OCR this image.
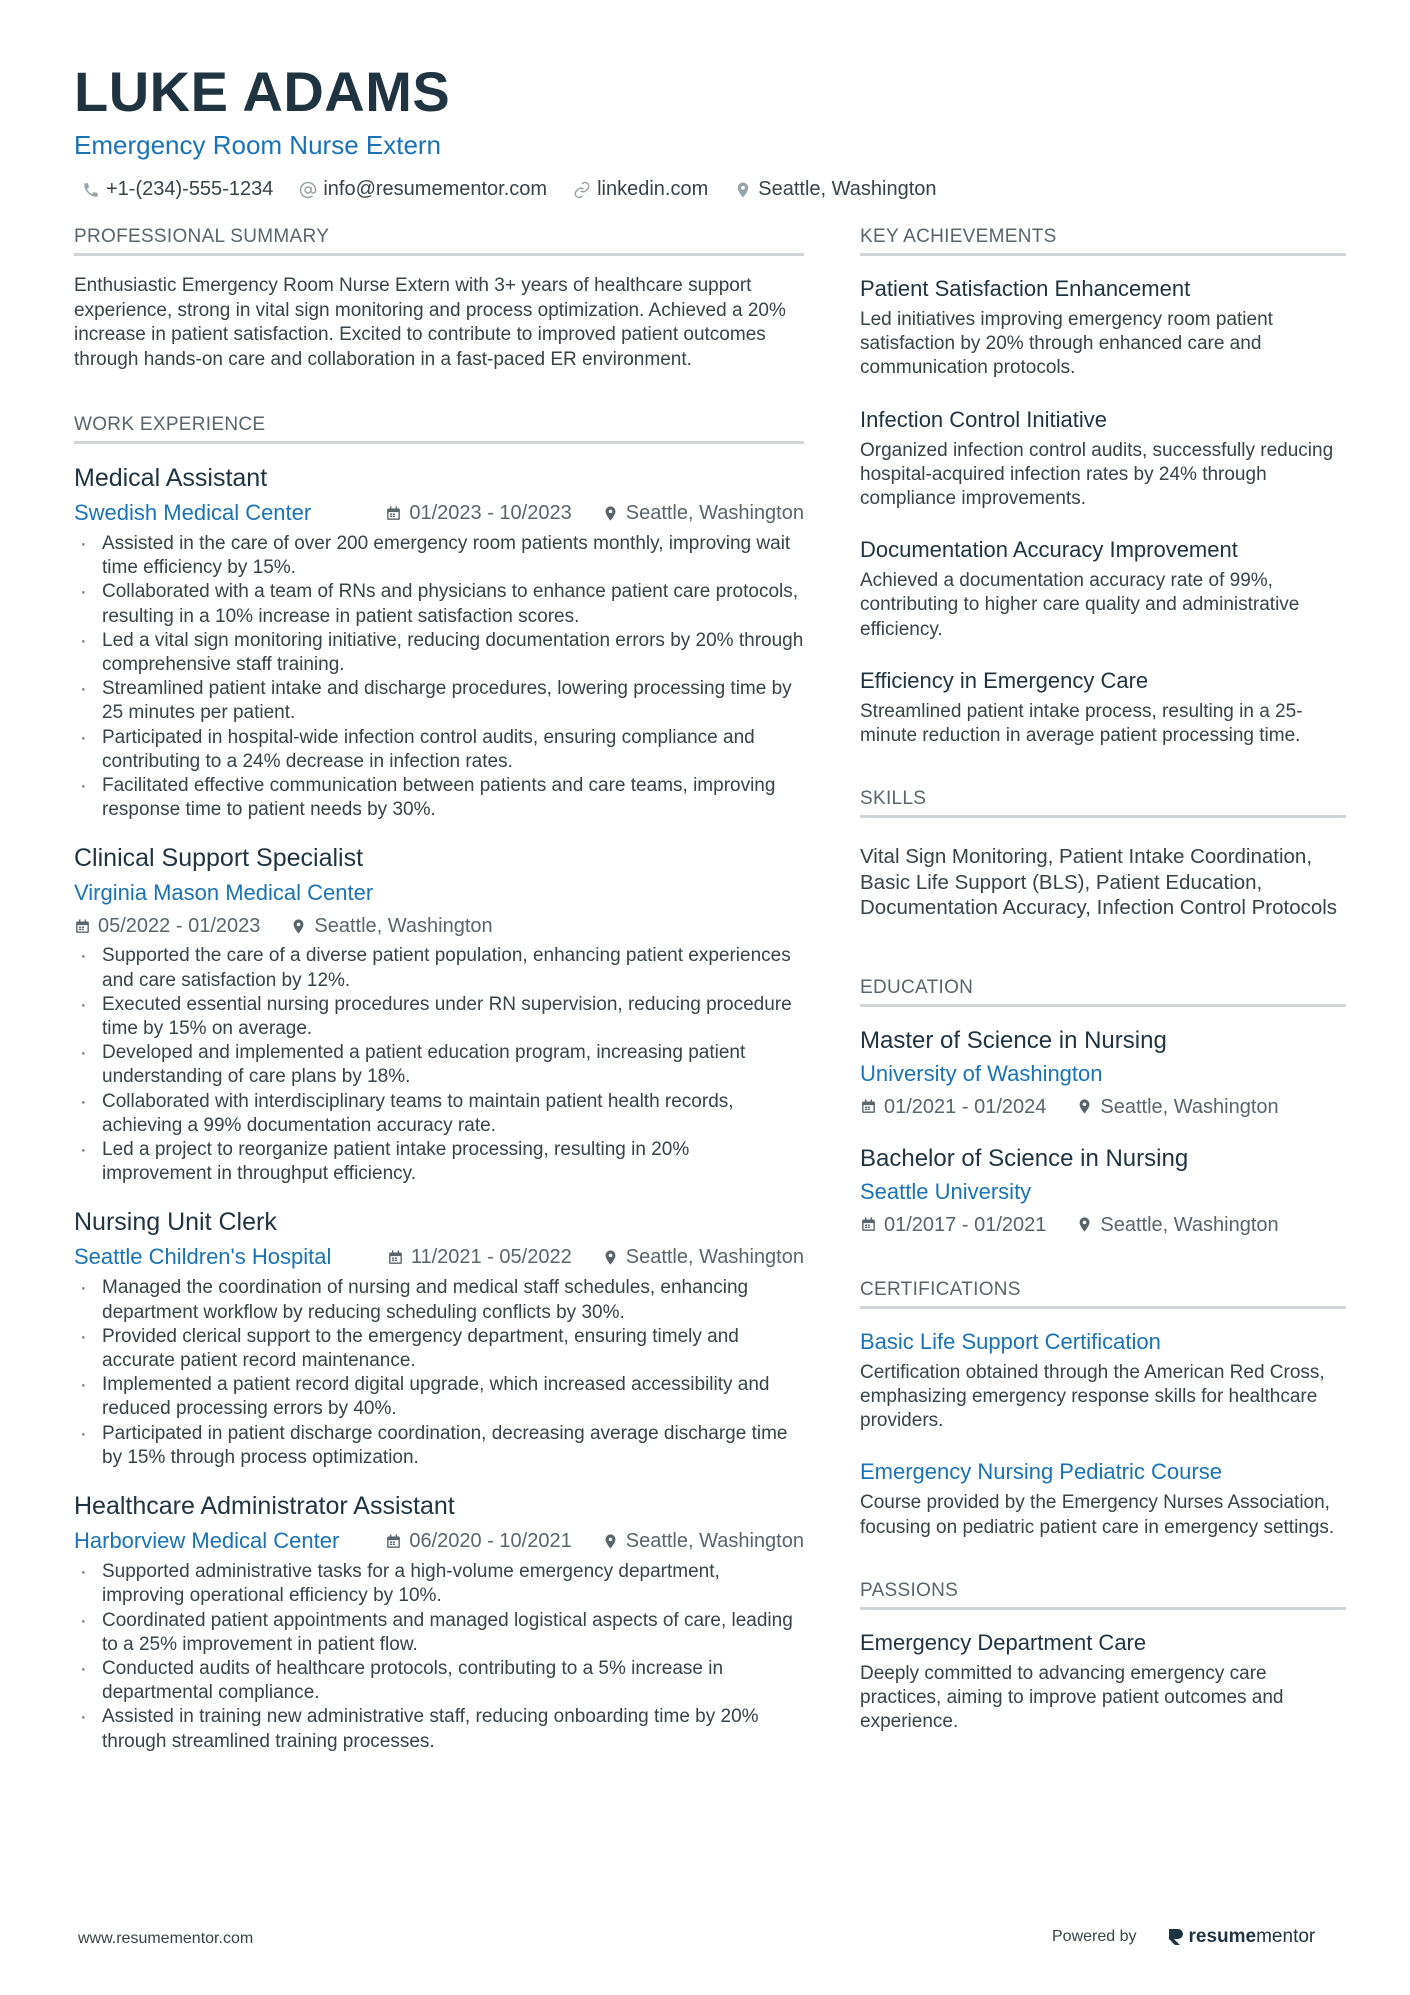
LUKE ADAMS
Emergency Room Nurse Extern
+1-(234)-555-1234	info@resumementor.com	linkedin.com	Seattle, Washington
PROFESSIONAL SUMMARY

Enthusiastic Emergency Room Nurse Extern with 3+ years of healthcare support experience, strong in vital sign monitoring and process optimization. Achieved a 20% increase in patient satisfaction. Excited to contribute to improved patient outcomes through hands-on care and collaboration in a fast-paced ER environment.

WORK EXPERIENCE
Medical Assistant
Swedish Medical Center	01/2023 - 10/2023	Seattle, Washington
· Assisted in the care of over 200 emergency room patients monthly, improving wait time efficiency by 15%.
· Collaborated with a team of RNs and physicians to enhance patient care protocols, resulting in a 10% increase in patient satisfaction scores.
· Led a vital sign monitoring initiative, reducing documentation errors by 20% through comprehensive staff training.
· Streamlined patient intake and discharge procedures, lowering processing time by 25 minutes per patient.
· Participated in hospital-wide infection control audits, ensuring compliance and contributing to a 24% decrease in infection rates.
· Facilitated effective communication between patients and care teams, improving response time to patient needs by 30%.
Clinical Support Specialist
Virginia Mason Medical Center
05/2022 - 01/2023	Seattle, Washington
· Supported the care of a diverse patient population, enhancing patient experiences and care satisfaction by 12%.
· Executed essential nursing procedures under RN supervision, reducing procedure time by 15% on average.
· Developed and implemented a patient education program, increasing patient understanding of care plans by 18%.
· Collaborated with interdisciplinary teams to maintain patient health records, achieving a 99% documentation accuracy rate.
· Led a project to reorganize patient intake processing, resulting in 20% improvement in throughput efficiency.
Nursing Unit Clerk
Seattle Children's Hospital	11/2021 - 05/2022	Seattle, Washington
· Managed the coordination of nursing and medical staff schedules, enhancing department workflow by reducing scheduling conflicts by 30%.
· Provided clerical support to the emergency department, ensuring timely and accurate patient record maintenance.
· Implemented a patient record digital upgrade, which increased accessibility and reduced processing errors by 40%.
· Participated in patient discharge coordination, decreasing average discharge time by 15% through process optimization.
Healthcare Administrator Assistant
Harborview Medical Center	06/2020 - 10/2021	Seattle, Washington
· Supported administrative tasks for a high-volume emergency department, improving operational efficiency by 10%.
· Coordinated patient appointments and managed logistical aspects of care, leading to a 25% improvement in patient flow.
· Conducted audits of healthcare protocols, contributing to a 5% increase in departmental compliance.
· Assisted in training new administrative staff, reducing onboarding time by 20% through streamlined training processes.
KEY ACHIEVEMENTS
Patient Satisfaction Enhancement
Led initiatives improving emergency room patient satisfaction by 20% through enhanced care and communication protocols.
Infection Control Initiative
Organized infection control audits, successfully reducing hospital-acquired infection rates by 24% through compliance improvements.
Documentation Accuracy Improvement
Achieved a documentation accuracy rate of 99%, contributing to higher care quality and administrative efficiency.
Efficiency in Emergency Care
Streamlined patient intake process, resulting in a 25-minute reduction in average patient processing time.
SKILLS
Vital Sign Monitoring, Patient Intake Coordination, Basic Life Support (BLS), Patient Education, Documentation Accuracy, Infection Control Protocols
EDUCATION
Master of Science in Nursing
University of Washington
01/2021 - 01/2024	Seattle, Washington
Bachelor of Science in Nursing
Seattle University
01/2017 - 01/2021	Seattle, Washington
CERTIFICATIONS
Basic Life Support Certification
Certification obtained through the American Red Cross, emphasizing emergency response skills for healthcare providers.
Emergency Nursing Pediatric Course
Course provided by the Emergency Nurses Association, focusing on pediatric patient care in emergency settings.
PASSIONS
Emergency Department Care
Deeply committed to advancing emergency care practices, aiming to improve patient outcomes and experience.
www.resumementor.com	Powered by	resumementor
